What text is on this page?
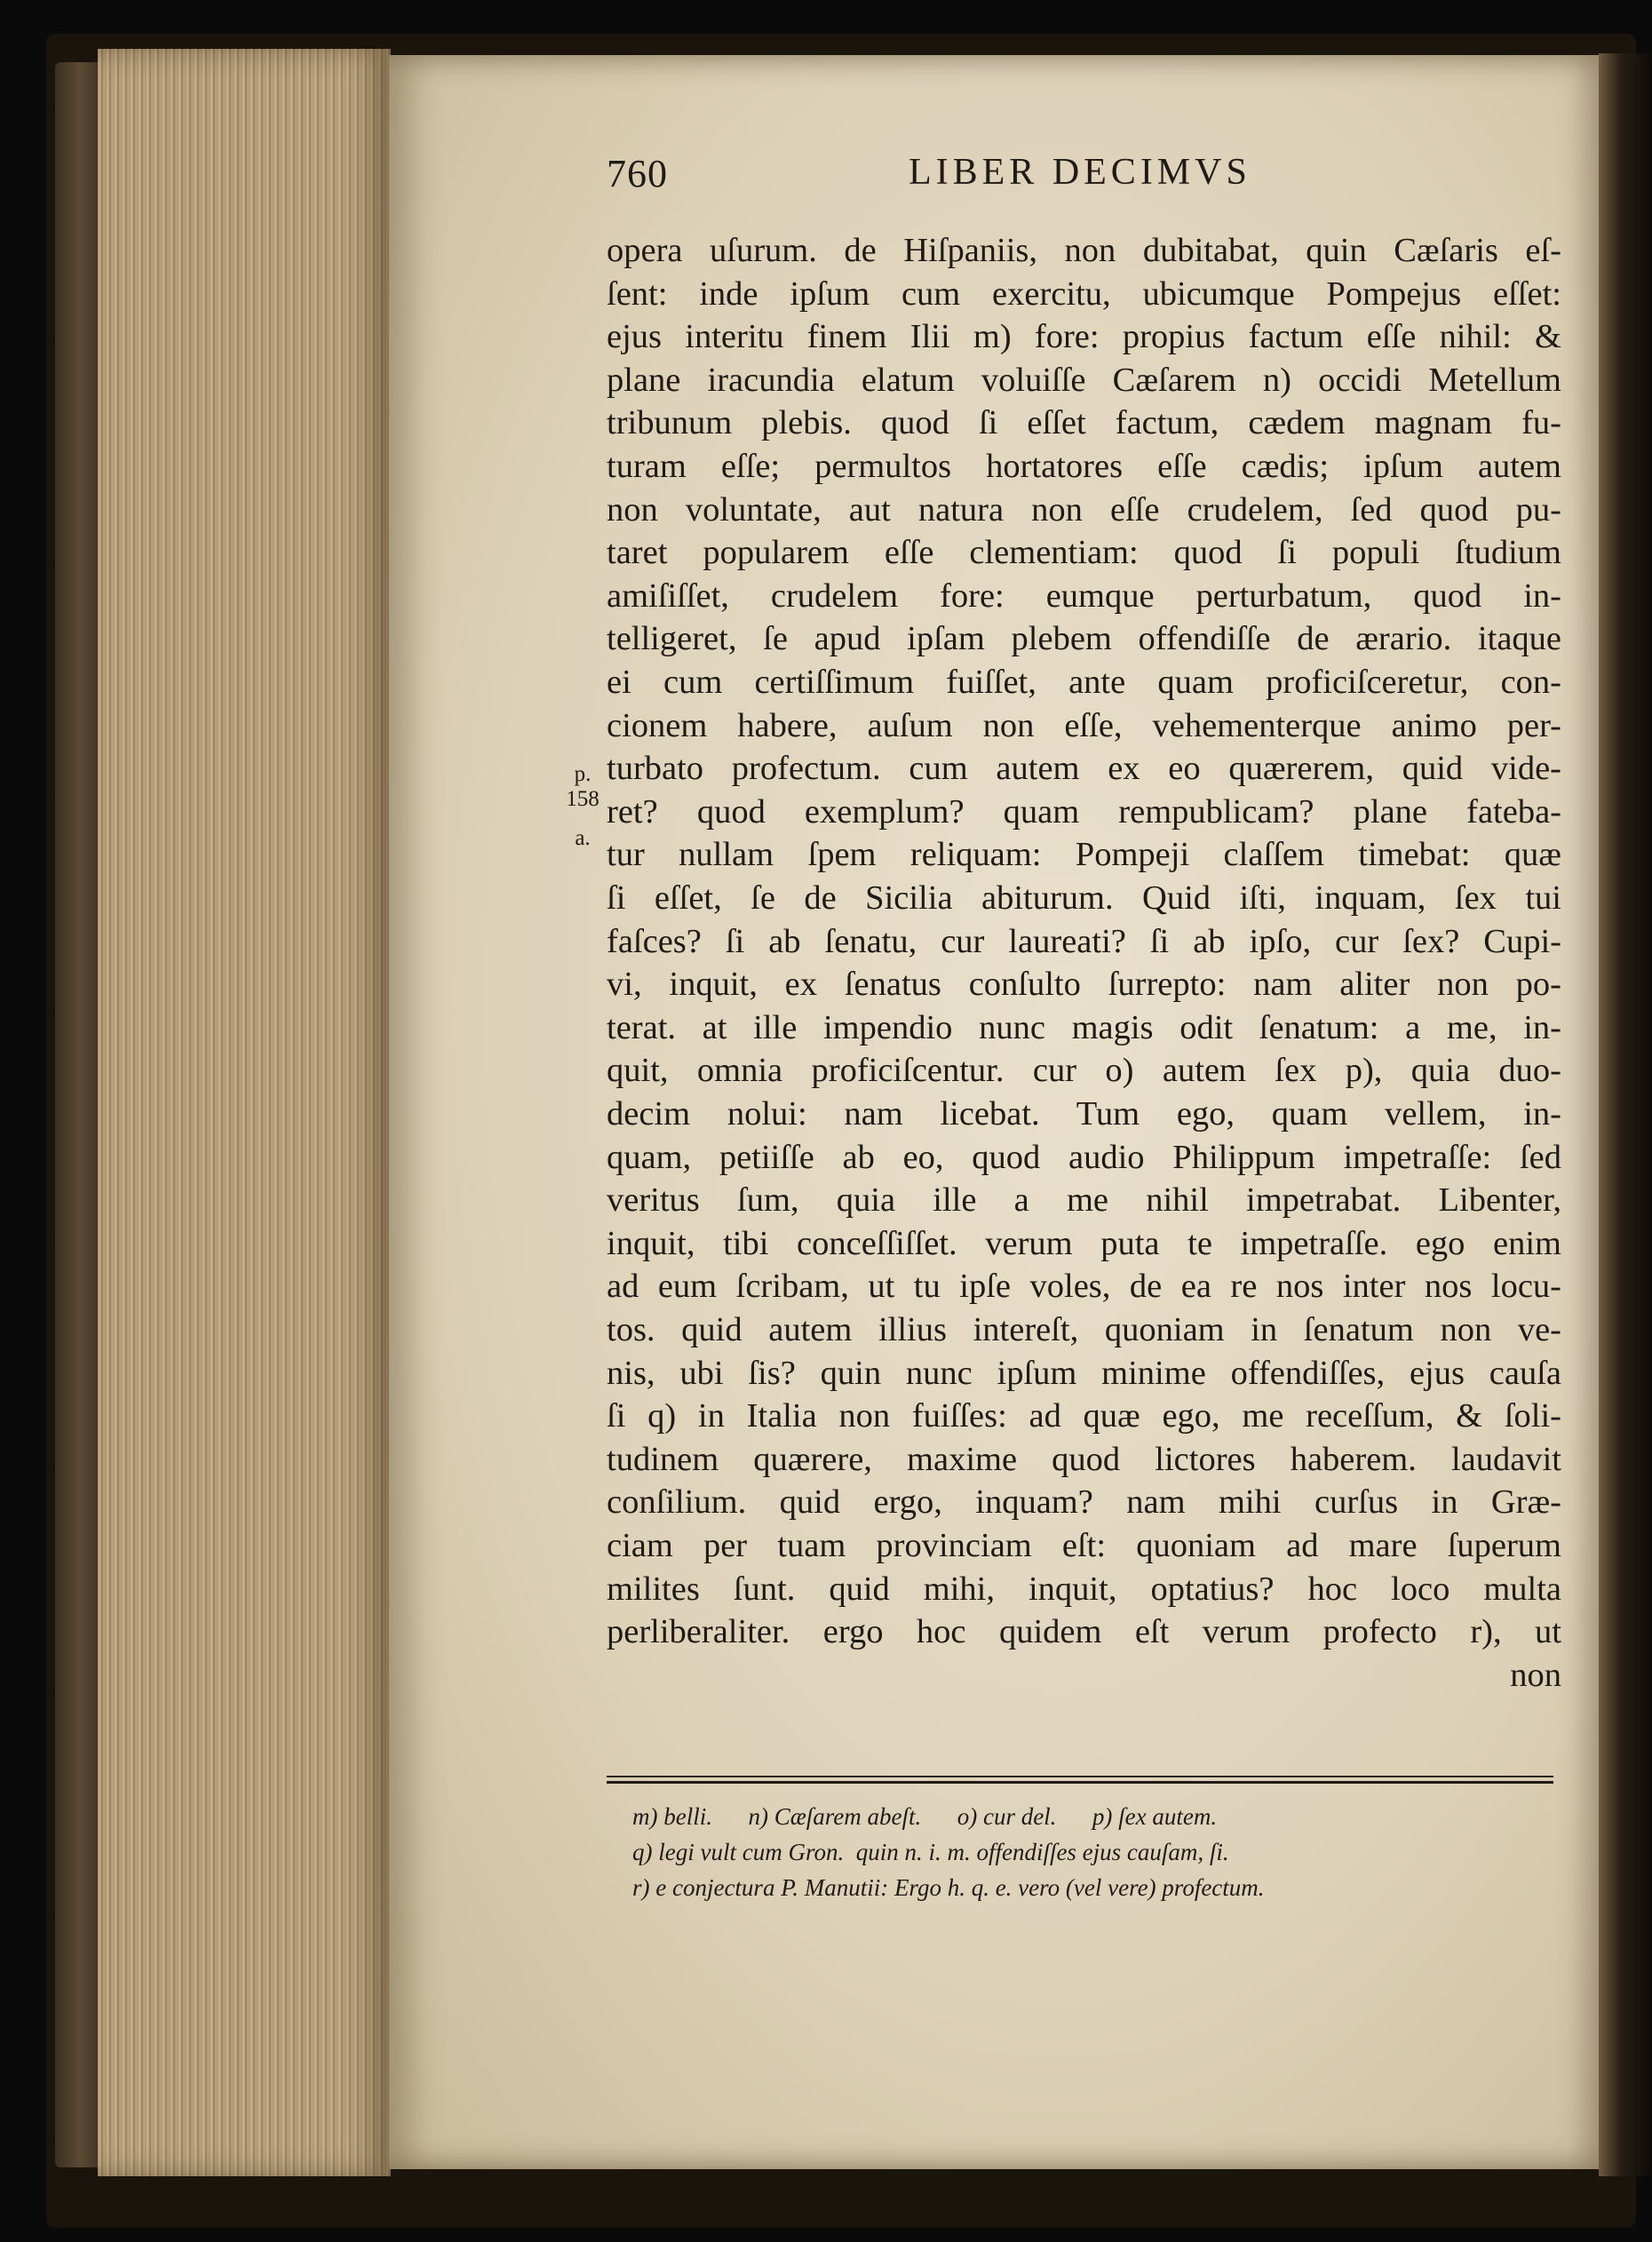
760	LIBER DECIMVS
p.
158
a.
opera uſurum. de Hiſpaniis, non dubitabat, quin Cæſaris eſ-
ſent: inde ipſum cum exercitu, ubicumque Pompejus eſſet:
ejus interitu finem Ilii m) fore: propius factum eſſe nihil: &
plane iracundia elatum voluiſſe Cæſarem n) occidi Metellum
tribunum plebis. quod ſi eſſet factum, cædem magnam fu-
turam eſſe; permultos hortatores eſſe cædis; ipſum autem
non voluntate, aut natura non eſſe crudelem, ſed quod pu-
taret popularem eſſe clementiam: quod ſi populi ſtudium
amiſiſſet, crudelem fore: eumque perturbatum, quod in-
telligeret, ſe apud ipſam plebem offendiſſe de ærario. itaque
ei cum certiſſimum fuiſſet, ante quam proficiſceretur, con-
cionem habere, auſum non eſſe, vehementerque animo per-
turbato profectum. cum autem ex eo quærerem, quid vide-
ret? quod exemplum? quam rempublicam? plane fateba-
tur nullam ſpem reliquam: Pompeji claſſem timebat: quæ
ſi eſſet, ſe de Sicilia abiturum. Quid iſti, inquam, ſex tui
faſces? ſi ab ſenatu, cur laureati? ſi ab ipſo, cur ſex? Cupi-
vi, inquit, ex ſenatus conſulto ſurrepto: nam aliter non po-
terat. at ille impendio nunc magis odit ſenatum: a me, in-
quit, omnia proficiſcentur. cur o) autem ſex p), quia duo-
decim nolui: nam licebat. Tum ego, quam vellem, in-
quam, petiiſſe ab eo, quod audio Philippum impetraſſe: ſed
veritus ſum, quia ille a me nihil impetrabat. Libenter,
inquit, tibi conceſſiſſet. verum puta te impetraſſe. ego enim
ad eum ſcribam, ut tu ipſe voles, de ea re nos inter nos locu-
tos. quid autem illius intereſt, quoniam in ſenatum non ve-
nis, ubi ſis? quin nunc ipſum minime offendiſſes, ejus cauſa
ſi q) in Italia non fuiſſes: ad quæ ego, me receſſum, & ſoli-
tudinem quærere, maxime quod lictores haberem. laudavit
conſilium. quid ergo, inquam? nam mihi curſus in Græ-
ciam per tuam provinciam eſt: quoniam ad mare ſuperum
milites ſunt. quid mihi, inquit, optatius? hoc loco multa
perliberaliter. ergo hoc quidem eſt verum profecto r), ut
non
m) belli.      n) Cæſarem abeſt.      o) cur del.      p) ſex autem.
q) legi vult cum Gron.  quin n. i. m. offendiſſes ejus cauſam, ſi.
r) e conjectura P. Manutii: Ergo h. q. e. vero (vel vere) profectum.
